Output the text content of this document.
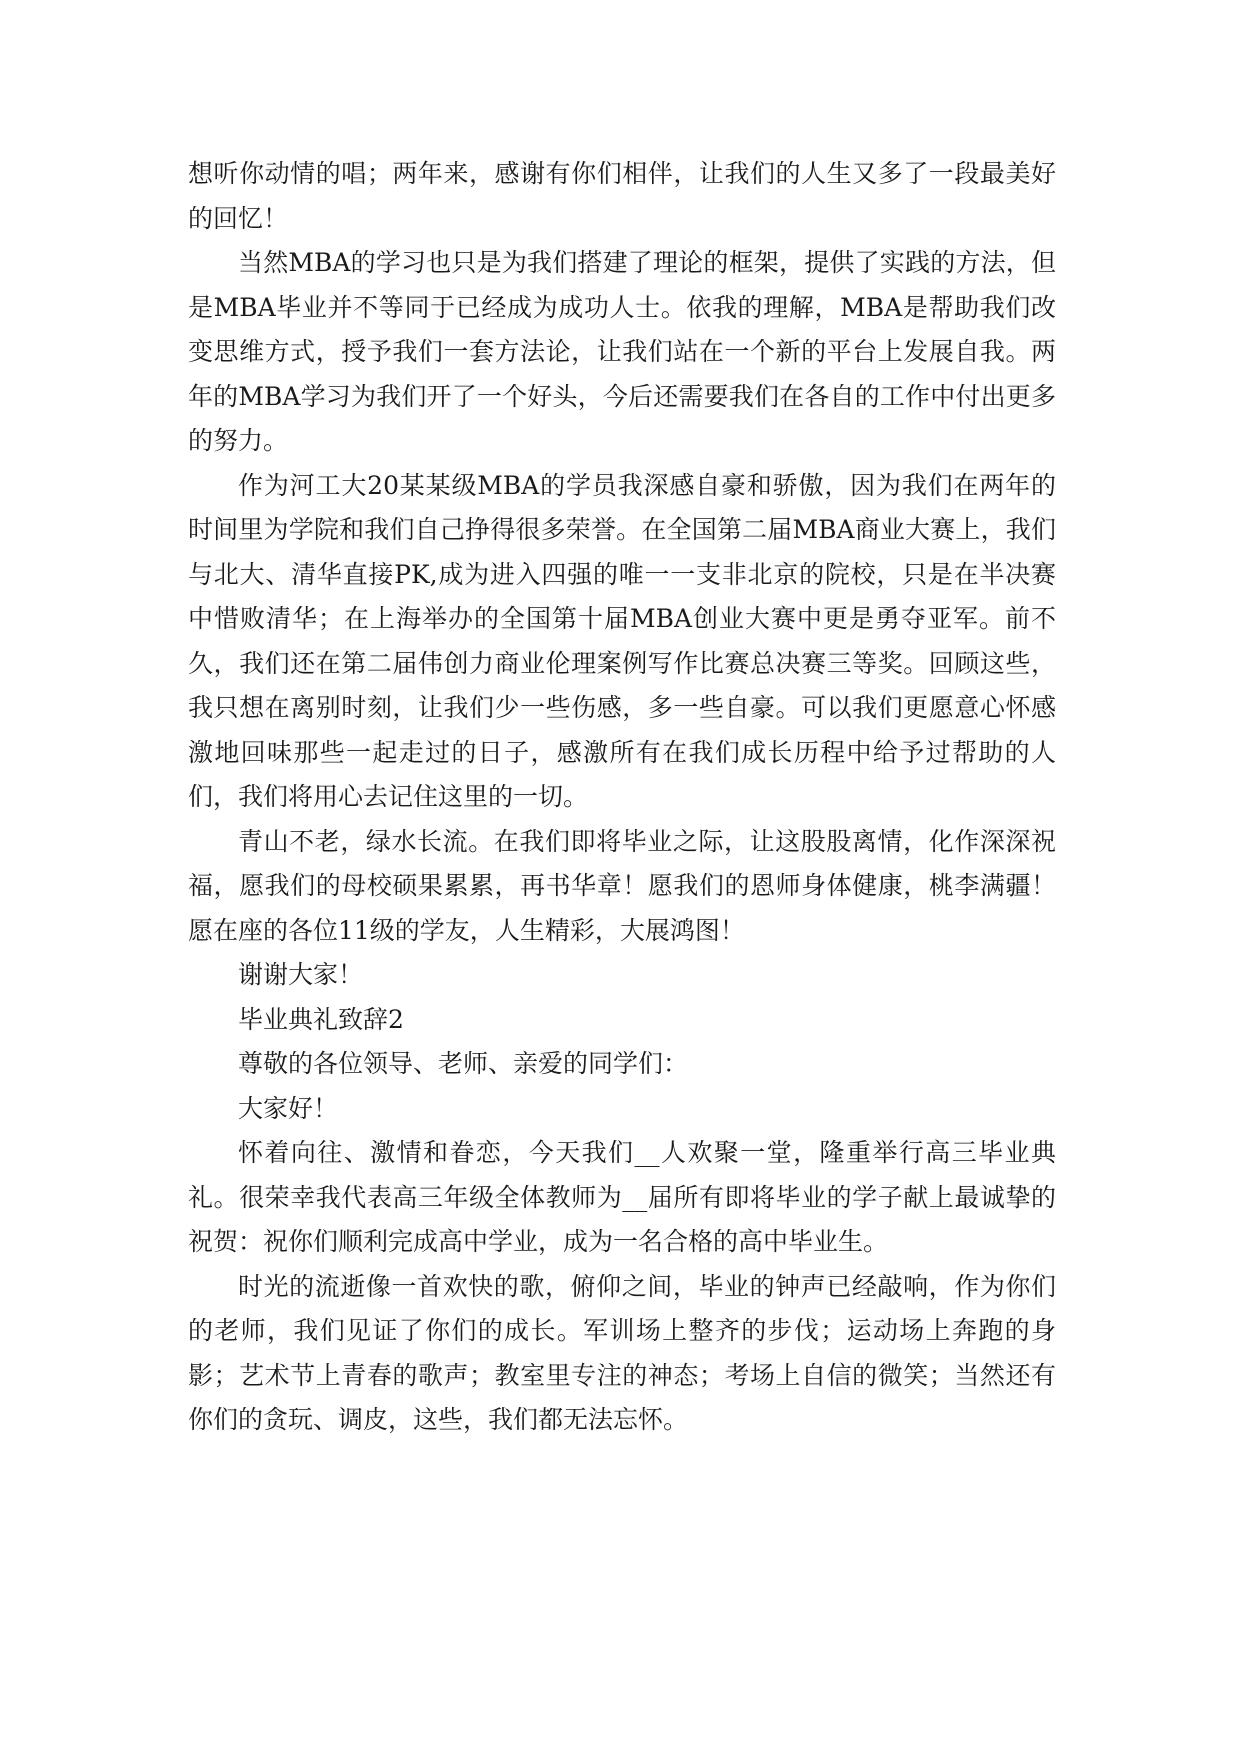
想听你动情的唱；两年来，感谢有你们相伴，让我们的人生又多了一段最美好的回忆！

当然MBA的学习也只是为我们搭建了理论的框架，提供了实践的方法，但是MBA毕业并不等同于已经成为成功人士。依我的理解，MBA是帮助我们改变思维方式，授予我们一套方法论，让我们站在一个新的平台上发展自我。两年的MBA学习为我们开了一个好头，今后还需要我们在各自的工作中付出更多的努力。

作为河工大20某某级MBA的学员我深感自豪和骄傲，因为我们在两年的时间里为学院和我们自己挣得很多荣誉。在全国第二届MBA商业大赛上，我们与北大、清华直接PK,成为进入四强的唯一一支非北京的院校，只是在半决赛中惜败清华；在上海举办的全国第十届MBA创业大赛中更是勇夺亚军。前不久，我们还在第二届伟创力商业伦理案例写作比赛总决赛三等奖。回顾这些，我只想在离别时刻，让我们少一些伤感，多一些自豪。可以我们更愿意心怀感激地回味那些一起走过的日子，感激所有在我们成长历程中给予过帮助的人们，我们将用心去记住这里的一切。

青山不老，绿水长流。在我们即将毕业之际，让这股股离情，化作深深祝福，愿我们的母校硕果累累，再书华章！愿我们的恩师身体健康，桃李满疆！愿在座的各位11级的学友，人生精彩，大展鸿图！

谢谢大家！

毕业典礼致辞2

尊敬的各位领导、老师、亲爱的同学们：

大家好！

怀着向往、激情和眷恋，今天我们__人欢聚一堂，隆重举行高三毕业典礼。很荣幸我代表高三年级全体教师为__届所有即将毕业的学子献上最诚挚的祝贺：祝你们顺利完成高中学业，成为一名合格的高中毕业生。

时光的流逝像一首欢快的歌，俯仰之间，毕业的钟声已经敲响，作为你们的老师，我们见证了你们的成长。军训场上整齐的步伐；运动场上奔跑的身影；艺术节上青春的歌声；教室里专注的神态；考场上自信的微笑；当然还有你们的贪玩、调皮，这些，我们都无法忘怀。
